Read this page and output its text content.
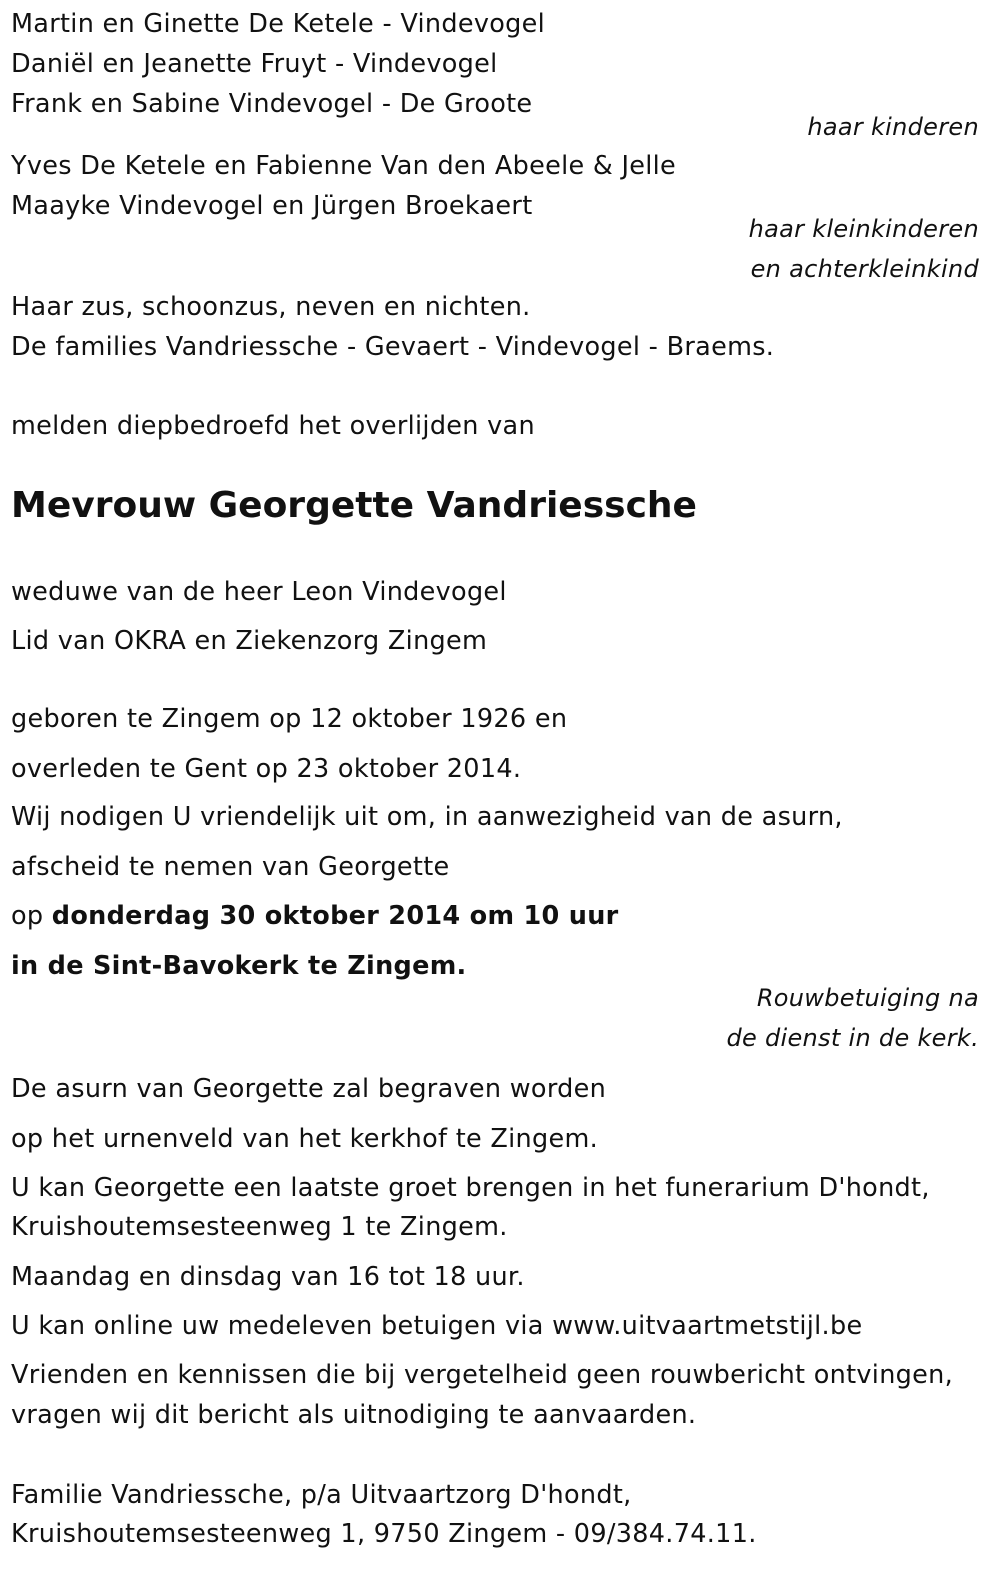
Martin en Ginette De Ketele - Vindevogel

Daniël en Jeanette Fruyt - Vindevogel

Frank en Sabine Vindevogel - De Groote

haar kinderen

Yves De Ketele en Fabienne Van den Abeele & Jelle

Maayke Vindevogel en Jürgen Broekaert

haar kleinkinderen

en achterkleinkind

Haar zus, schoonzus, neven en nichten.

De families Vandriessche - Gevaert - Vindevogel - Braems.

melden diepbedroefd het overlijden van

Mevrouw Georgette Vandriessche

weduwe van de heer Leon Vindevogel

Lid van OKRA en Ziekenzorg Zingem

geboren te Zingem op 12 oktober 1926 en

overleden te Gent op 23 oktober 2014.

Wij nodigen U vriendelijk uit om, in aanwezigheid van de asurn,

afscheid te nemen van Georgette

op donderdag 30 oktober 2014 om 10 uur

in de Sint-Bavokerk te Zingem.

Rouwbetuiging na

de dienst in de kerk.

De asurn van Georgette zal begraven worden

op het urnenveld van het kerkhof te Zingem.

U kan Georgette een laatste groet brengen in het funerarium D'hondt,

Kruishoutemsesteenweg 1 te Zingem.

Maandag en dinsdag van 16 tot 18 uur.

U kan online uw medeleven betuigen via www.uitvaartmetstijl.be

Vrienden en kennissen die bij vergetelheid geen rouwbericht ontvingen,

vragen wij dit bericht als uitnodiging te aanvaarden.

Familie Vandriessche, p/a Uitvaartzorg D'hondt,

Kruishoutemsesteenweg 1, 9750 Zingem - 09/384.74.11.
